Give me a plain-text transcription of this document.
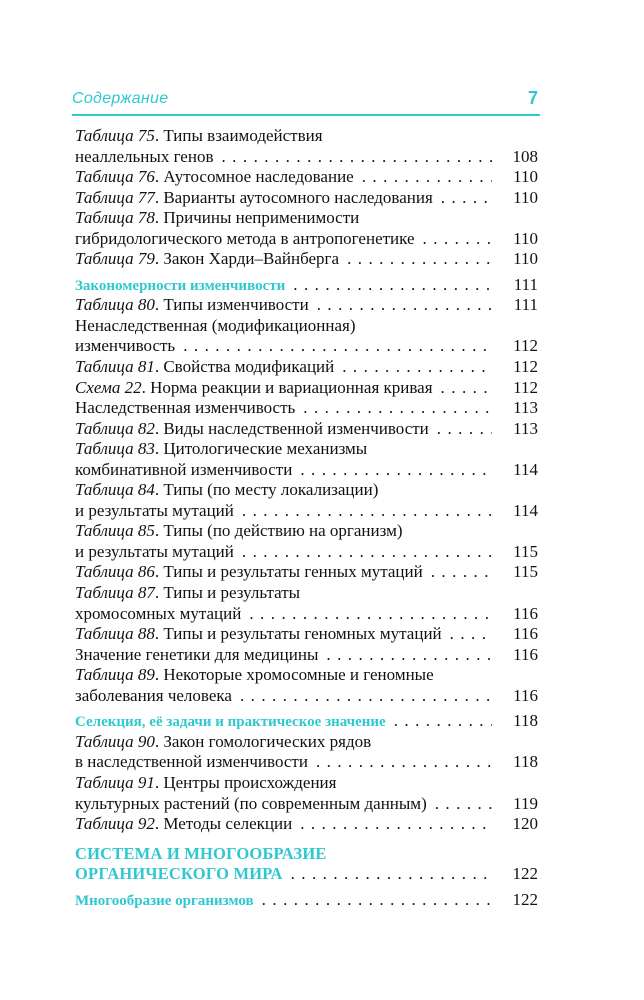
Содержание	7
Таблица 75. Типы взаимодействия
неаллельных генов . . .	108
Таблица 76. Аутосомное наследование . . .	110
Таблица 77. Варианты аутосомного наследования . . .	110
Таблица 78. Причины неприменимости
гибридологического метода в антропогенетике . . .	110
Таблица 79. Закон Харди–Вайнберга . . .	110
Закономерности изменчивости . . .	111
Таблица 80. Типы изменчивости . . .	111
Ненаследственная (модификационная)
изменчивость . . .	112
Таблица 81. Свойства модификаций . . .	112
Схема 22. Норма реакции и вариационная кривая . . .	112
Наследственная изменчивость . . .	113
Таблица 82. Виды наследственной изменчивости . . .	113
Таблица 83. Цитологические механизмы
комбинативной изменчивости . . .	114
Таблица 84. Типы (по месту локализации)
и результаты мутаций . . .	114
Таблица 85. Типы (по действию на организм)
и результаты мутаций . . .	115
Таблица 86. Типы и результаты генных мутаций . . .	115
Таблица 87. Типы и результаты
хромосомных мутаций . . .	116
Таблица 88. Типы и результаты геномных мутаций . . .	116
Значение генетики для медицины . . .	116
Таблица 89. Некоторые хромосомные и геномные
заболевания человека . . .	116
Селекция, её задачи и практическое значение . . .	118
Таблица 90. Закон гомологических рядов
в наследственной изменчивости . . .	118
Таблица 91. Центры происхождения
культурных растений (по современным данным) . . .	119
Таблица 92. Методы селекции . . .	120
СИСТЕМА И МНОГООБРАЗИЕ
ОРГАНИЧЕСКОГО МИРА . . .	122
Многообразие организмов . . .	122
